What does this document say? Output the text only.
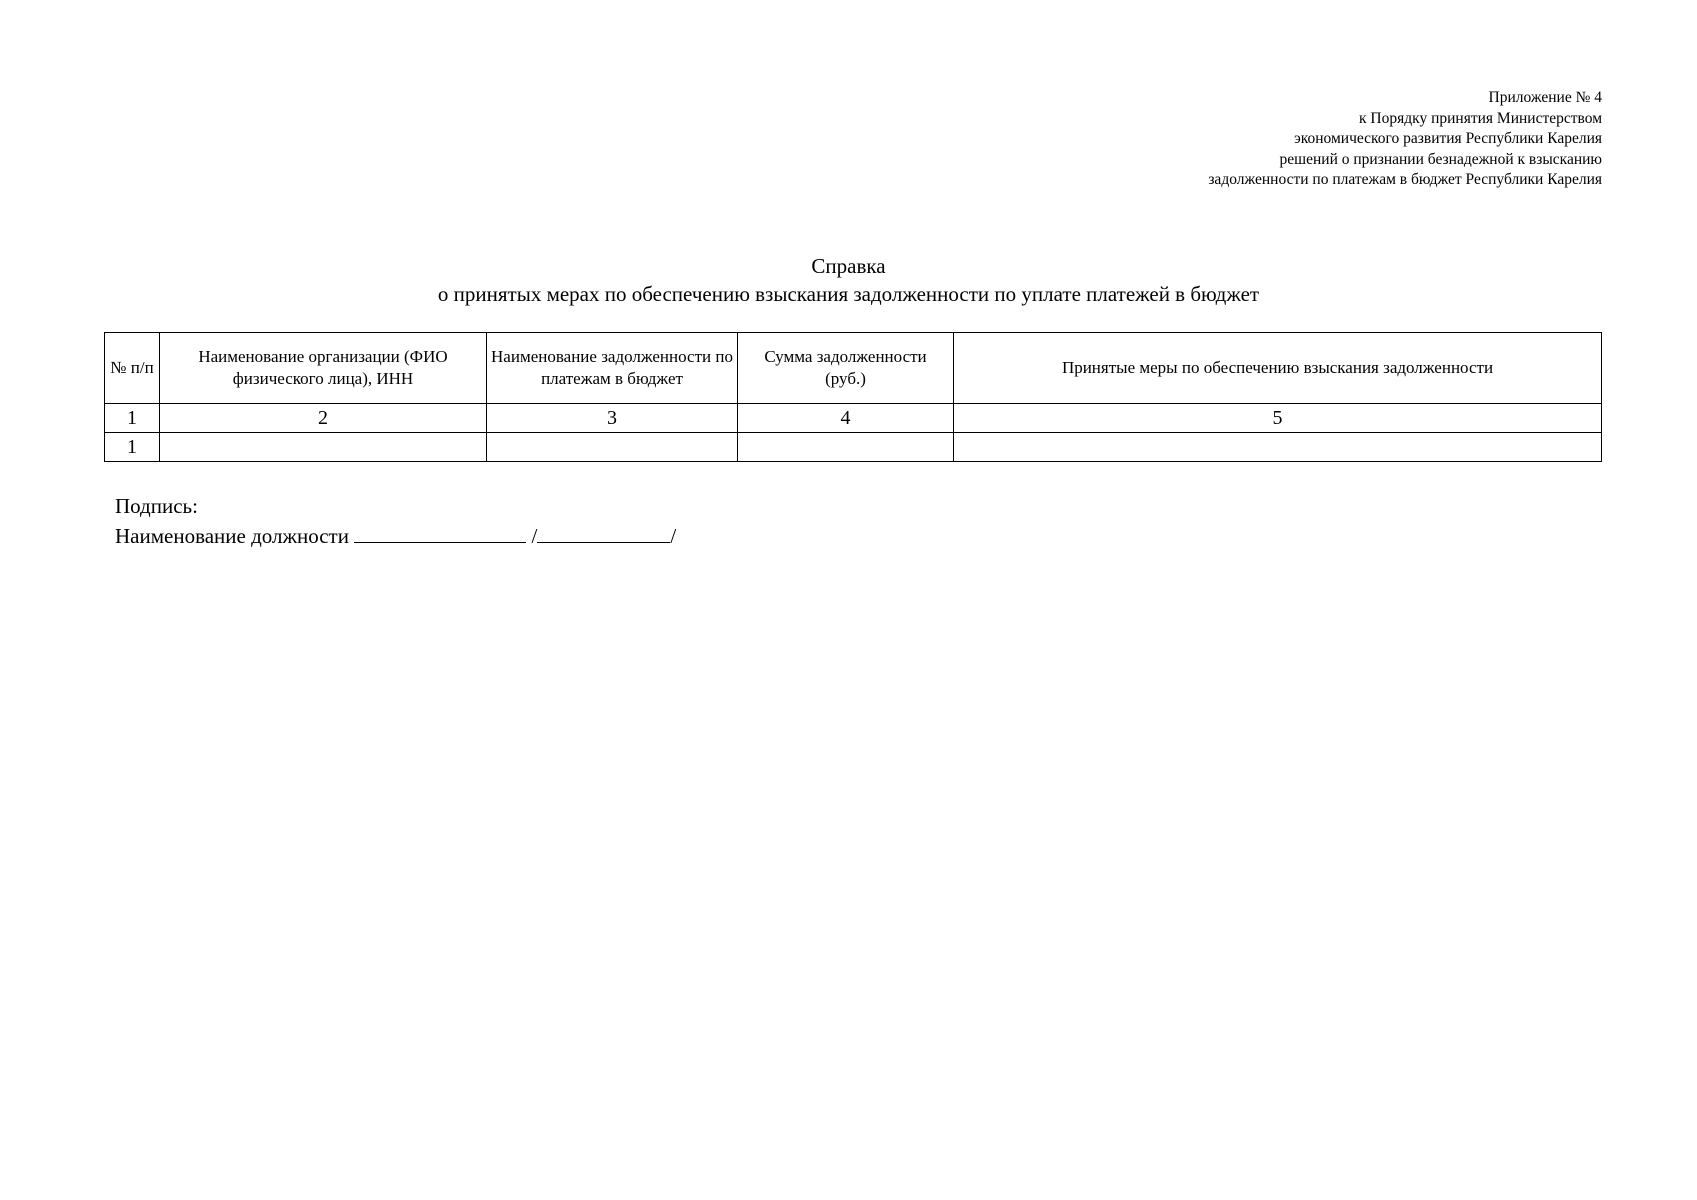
Приложение № 4
к Порядку принятия Министерством
экономического развития Республики Карелия
решений о признании безнадежной к взысканию
задолженности по платежам в бюджет Республики Карелия
Справка
о принятых мерах по обеспечению взыскания задолженности по уплате платежей в бюджет
№ п/п	Наименование организации (ФИО физического лица), ИНН	Наименование задолженности по платежам в бюджет	Сумма задолженности (руб.)	Принятые меры по обеспечению взыскания задолженности
1	2	3	4	5
1				
Подпись:
Наименование должности	/	/
